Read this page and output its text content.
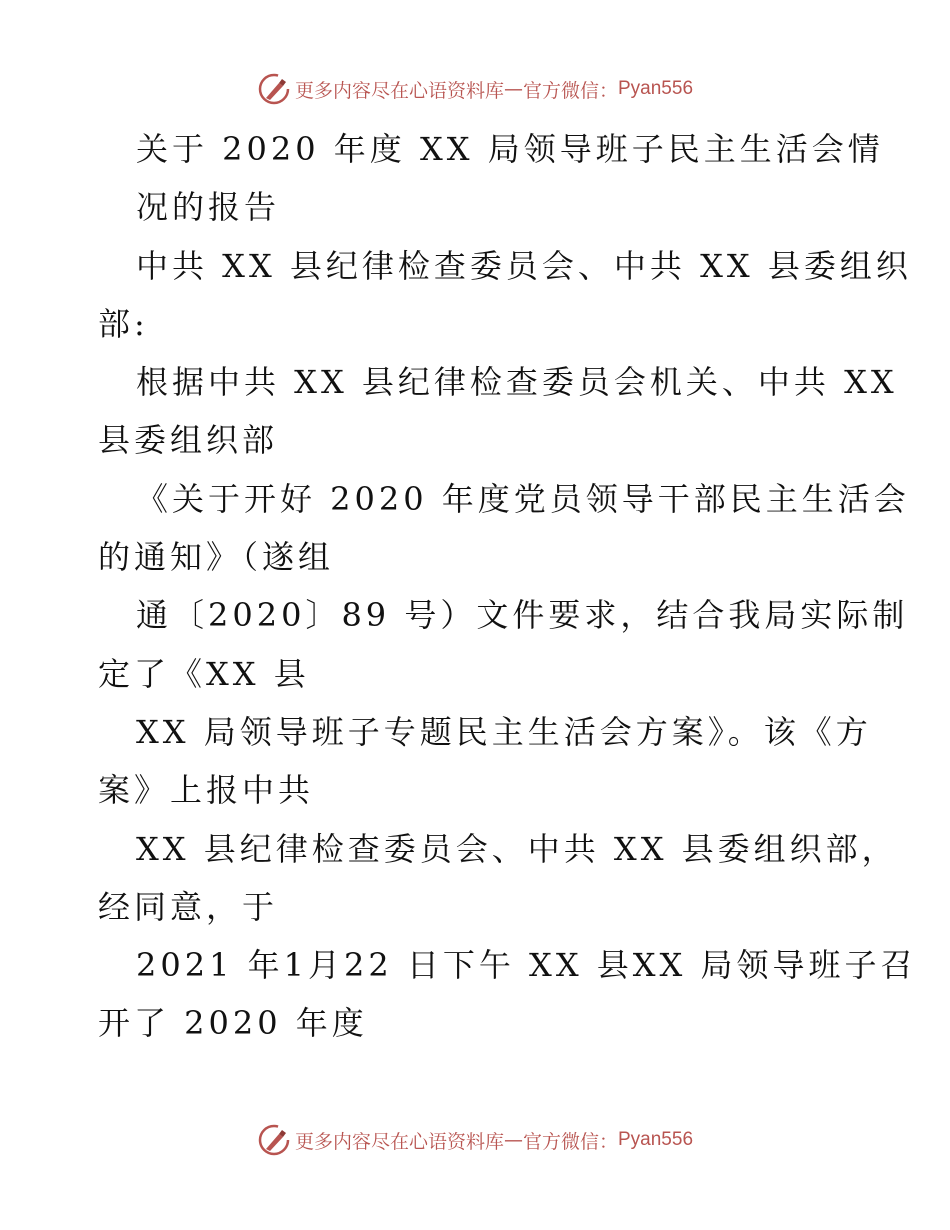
更多内容尽在心语资料库 — 官方微信： Pyan556
关于 2020 年度 XX 局领导班子民主生活会情
况的报告
中共 XX 县纪律检查委员会、中共 XX 县委组织
部:
根据中共 XX 县纪律检查委员会机关、中共 XX
县委组织部
《关于开好 2020 年度党员领导干部民主生活会
的通知》（遂组
通〔2020〕89 号）文件要求，结合我局实际制
定了《XX 县
XX 局领导班子专题民主生活会方案》。该《方
案》上报中共
XX 县纪律检查委员会、中共 XX 县委组织部，
经同意，于
2021 年1月22 日下午 XX 县XX 局领导班子召
开了 2020 年度
更多内容尽在心语资料库 — 官方微信： Pyan556
